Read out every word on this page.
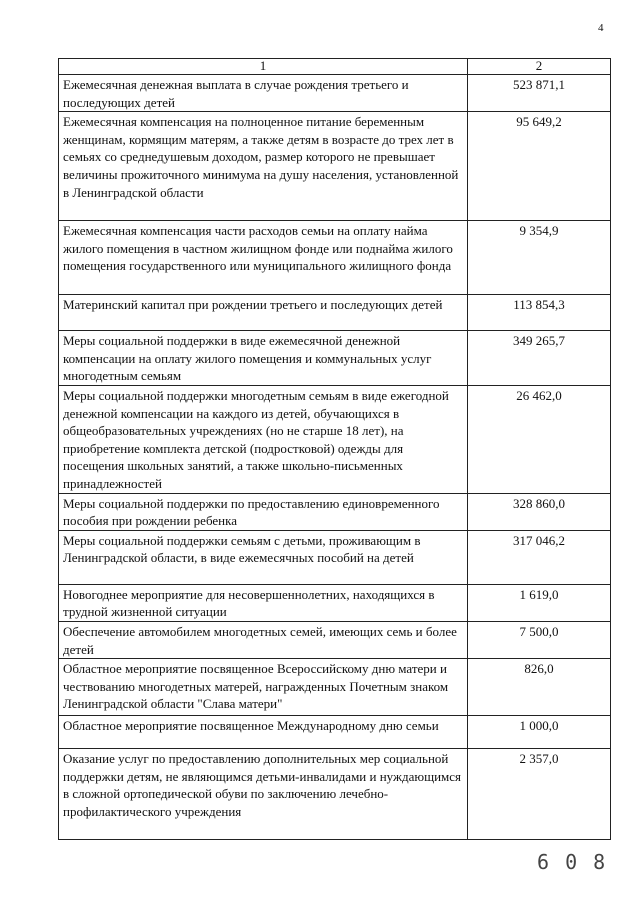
4
1	2
Ежемесячная денежная выплата в случае рождения третьего и последующих детей	523 871,1
Ежемесячная компенсация на полноценное питание беременным женщинам, кормящим матерям, а также детям в возрасте до трех лет в семьях со среднедушевым доходом, размер которого не превышает величины прожиточного минимума на душу населения, установленной в Ленинградской области	95 649,2
Ежемесячная компенсация части расходов семьи на оплату найма жилого помещения в частном жилищном фонде или поднайма жилого помещения государственного или муниципального жилищного фонда	9 354,9
Материнский капитал при рождении третьего и последующих детей	113 854,3
Меры социальной поддержки в виде ежемесячной денежной компенсации на оплату жилого помещения и коммунальных услуг многодетным семьям	349 265,7
Меры социальной поддержки многодетным семьям в виде ежегодной денежной компенсации на каждого из детей, обучающихся в общеобразовательных учреждениях (но не старше 18 лет), на приобретение комплекта детской (подростковой) одежды для посещения школьных занятий, а также школьно-письменных принадлежностей	26 462,0
Меры социальной поддержки по предоставлению единовременного пособия при рождении ребенка	328 860,0
Меры социальной поддержки семьям с детьми, проживающим в Ленинградской области, в виде ежемесячных пособий на детей	317 046,2
Новогоднее мероприятие для несовершеннолетних, находящихся в трудной жизненной ситуации	1 619,0
Обеспечение автомобилем многодетных семей, имеющих семь и более детей	7 500,0
Областное мероприятие посвященное Всероссийскому дню матери и чествованию многодетных матерей, награжденных Почетным знаком Ленинградской области "Слава матери"	826,0
Областное мероприятие посвященное Международному дню семьи	1 000,0
Оказание услуг по предоставлению дополнительных мер социальной поддержки детям, не являющимся детьми-инвалидами и нуждающимся в сложной ортопедической обуви по заключению лечебно-профилактического учреждения	2 357,0
6 0 8
